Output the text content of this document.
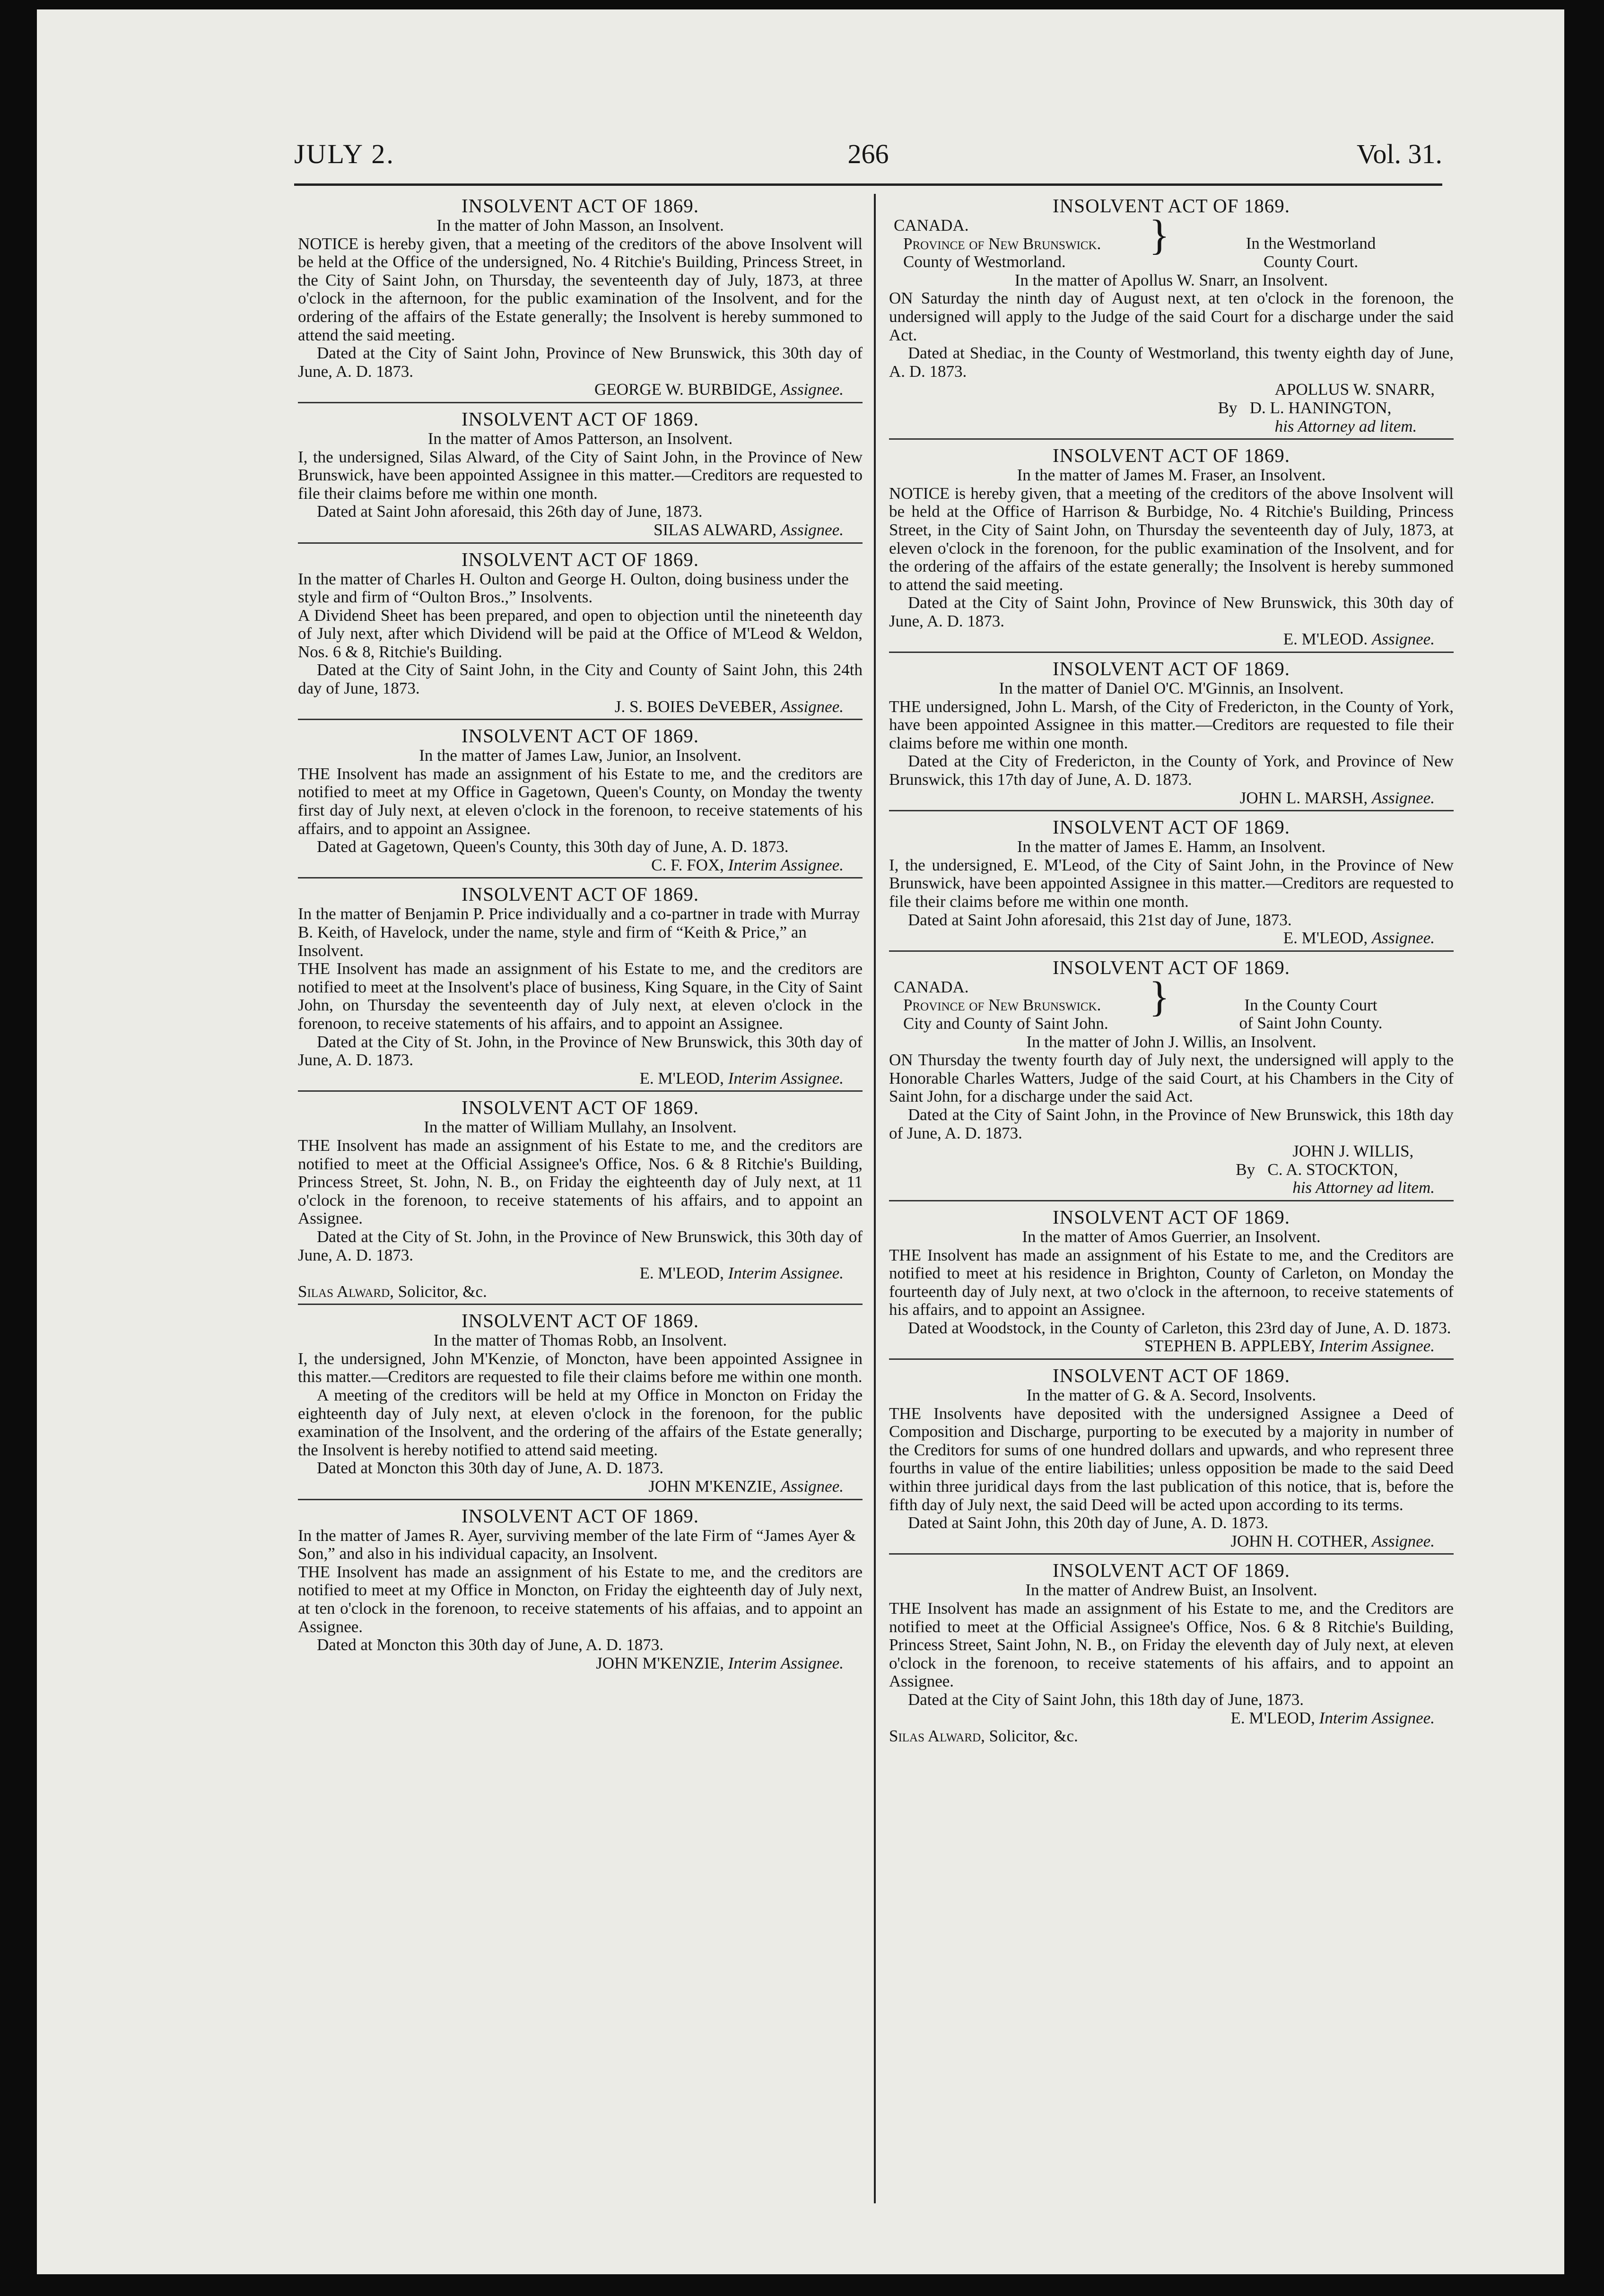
266
JULY 2.	Vol. 31.
INSOLVENT ACT OF 1869.

In the matter of John Masson, an Insolvent.

NOTICE is hereby given, that a meeting of the creditors of the above Insolvent will be held at the Office of the undersigned, No. 4 Ritchie's Building, Princess Street, in the City of Saint John, on Thursday, the seventeenth day of July, 1873, at three o'clock in the afternoon, for the public examination of the Insolvent, and for the ordering of the affairs of the Estate generally; the Insolvent is hereby summoned to attend the said meeting.

Dated at the City of Saint John, Province of New Brunswick, this 30th day of June, A. D. 1873.

GEORGE W. BURBIDGE, Assignee.

INSOLVENT ACT OF 1869.

In the matter of Amos Patterson, an Insolvent.

I, the undersigned, Silas Alward, of the City of Saint John, in the Province of New Brunswick, have been appointed Assignee in this matter.—Creditors are requested to file their claims before me within one month.

Dated at Saint John aforesaid, this 26th day of June, 1873.

SILAS ALWARD, Assignee.

INSOLVENT ACT OF 1869.

In the matter of Charles H. Oulton and George H. Oulton, doing business under the style and firm of “Oulton Bros.,” Insolvents.

A Dividend Sheet has been prepared, and open to objection until the nineteenth day of July next, after which Dividend will be paid at the Office of M'Leod & Weldon, Nos. 6 & 8, Ritchie's Building.

Dated at the City of Saint John, in the City and County of Saint John, this 24th day of June, 1873.

J. S. BOIES DeVEBER, Assignee.

INSOLVENT ACT OF 1869.

In the matter of James Law, Junior, an Insolvent.

THE Insolvent has made an assignment of his Estate to me, and the creditors are notified to meet at my Office in Gagetown, Queen's County, on Monday the twenty first day of July next, at eleven o'clock in the forenoon, to receive statements of his affairs, and to appoint an Assignee.

Dated at Gagetown, Queen's County, this 30th day of June, A. D. 1873.

C. F. FOX, Interim Assignee.

INSOLVENT ACT OF 1869.

In the matter of Benjamin P. Price individually and a co-partner in trade with Murray B. Keith, of Havelock, under the name, style and firm of “Keith & Price,” an Insolvent.

THE Insolvent has made an assignment of his Estate to me, and the creditors are notified to meet at the Insolvent's place of business, King Square, in the City of Saint John, on Thursday the seventeenth day of July next, at eleven o'clock in the forenoon, to receive statements of his affairs, and to appoint an Assignee.

Dated at the City of St. John, in the Province of New Brunswick, this 30th day of June, A. D. 1873.

E. M'LEOD, Interim Assignee.

INSOLVENT ACT OF 1869.

In the matter of William Mullahy, an Insolvent.

THE Insolvent has made an assignment of his Estate to me, and the creditors are notified to meet at the Official Assignee's Office, Nos. 6 & 8 Ritchie's Building, Princess Street, St. John, N. B., on Friday the eighteenth day of July next, at 11 o'clock in the forenoon, to receive statements of his affairs, and to appoint an Assignee.

Dated at the City of St. John, in the Province of New Brunswick, this 30th day of June, A. D. 1873.

E. M'LEOD, Interim Assignee.

Silas Alward, Solicitor, &c.

INSOLVENT ACT OF 1869.

In the matter of Thomas Robb, an Insolvent.

I, the undersigned, John M'Kenzie, of Moncton, have been appointed Assignee in this matter.—Creditors are requested to file their claims before me within one month.

A meeting of the creditors will be held at my Office in Moncton on Friday the eighteenth day of July next, at eleven o'clock in the forenoon, for the public examination of the Insolvent, and the ordering of the affairs of the Estate generally; the Insolvent is hereby notified to attend said meeting.

Dated at Moncton this 30th day of June, A. D. 1873.

JOHN M'KENZIE, Assignee.

INSOLVENT ACT OF 1869.

In the matter of James R. Ayer, surviving member of the late Firm of “James Ayer & Son,” and also in his individual capacity, an Insolvent.

THE Insolvent has made an assignment of his Estate to me, and the creditors are notified to meet at my Office in Moncton, on Friday the eighteenth day of July next, at ten o'clock in the forenoon, to receive statements of his affaias, and to appoint an Assignee.

Dated at Moncton this 30th day of June, A. D. 1873.

JOHN M'KENZIE, Interim Assignee.

INSOLVENT ACT OF 1869.
CANADA.
Province of New Brunswick.
County of Westmorland.
}	In the Westmorland
County Court.

In the matter of Apollus W. Snarr, an Insolvent.

ON Saturday the ninth day of August next, at ten o'clock in the forenoon, the undersigned will apply to the Judge of the said Court for a discharge under the said Act.

Dated at Shediac, in the County of Westmorland, this twenty eighth day of June, A. D. 1873.

APOLLUS W. SNARR,
By D. L. HANINGTON,
his Attorney ad litem.
INSOLVENT ACT OF 1869.

In the matter of James M. Fraser, an Insolvent.

NOTICE is hereby given, that a meeting of the creditors of the above Insolvent will be held at the Office of Harrison & Burbidge, No. 4 Ritchie's Building, Princess Street, in the City of Saint John, on Thursday the seventeenth day of July, 1873, at eleven o'clock in the forenoon, for the public examination of the Insolvent, and for the ordering of the affairs of the estate generally; the Insolvent is hereby summoned to attend the said meeting.

Dated at the City of Saint John, Province of New Brunswick, this 30th day of June, A. D. 1873.

E. M'LEOD. Assignee.

INSOLVENT ACT OF 1869.

In the matter of Daniel O'C. M'Ginnis, an Insolvent.

THE undersigned, John L. Marsh, of the City of Fredericton, in the County of York, have been appointed Assignee in this matter.—Creditors are requested to file their claims before me within one month.

Dated at the City of Fredericton, in the County of York, and Province of New Brunswick, this 17th day of June, A. D. 1873.

JOHN L. MARSH, Assignee.

INSOLVENT ACT OF 1869.

In the matter of James E. Hamm, an Insolvent.

I, the undersigned, E. M'Leod, of the City of Saint John, in the Province of New Brunswick, have been appointed Assignee in this matter.—Creditors are requested to file their claims before me within one month.

Dated at Saint John aforesaid, this 21st day of June, 1873.

E. M'LEOD, Assignee.

INSOLVENT ACT OF 1869.
CANADA.
Province of New Brunswick.
City and County of Saint John.
}	In the County Court
of Saint John County.

In the matter of John J. Willis, an Insolvent.

ON Thursday the twenty fourth day of July next, the undersigned will apply to the Honorable Charles Watters, Judge of the said Court, at his Chambers in the City of Saint John, for a discharge under the said Act.

Dated at the City of Saint John, in the Province of New Brunswick, this 18th day of June, A. D. 1873.

JOHN J. WILLIS,
By C. A. STOCKTON,
his Attorney ad litem.
INSOLVENT ACT OF 1869.

In the matter of Amos Guerrier, an Insolvent.

THE Insolvent has made an assignment of his Estate to me, and the Creditors are notified to meet at his residence in Brighton, County of Carleton, on Monday the fourteenth day of July next, at two o'clock in the afternoon, to receive statements of his affairs, and to appoint an Assignee.

Dated at Woodstock, in the County of Carleton, this 23rd day of June, A. D. 1873.

STEPHEN B. APPLEBY, Interim Assignee.

INSOLVENT ACT OF 1869.

In the matter of G. & A. Secord, Insolvents.

THE Insolvents have deposited with the undersigned Assignee a Deed of Composition and Discharge, purporting to be executed by a majority in number of the Creditors for sums of one hundred dollars and upwards, and who represent three fourths in value of the entire liabilities; unless opposition be made to the said Deed within three juridical days from the last publication of this notice, that is, before the fifth day of July next, the said Deed will be acted upon according to its terms.

Dated at Saint John, this 20th day of June, A. D. 1873.

JOHN H. COTHER, Assignee.

INSOLVENT ACT OF 1869.

In the matter of Andrew Buist, an Insolvent.

THE Insolvent has made an assignment of his Estate to me, and the Creditors are notified to meet at the Official Assignee's Office, Nos. 6 & 8 Ritchie's Building, Princess Street, Saint John, N. B., on Friday the eleventh day of July next, at eleven o'clock in the forenoon, to receive statements of his affairs, and to appoint an Assignee.

Dated at the City of Saint John, this 18th day of June, 1873.

E. M'LEOD, Interim Assignee.

Silas Alward, Solicitor, &c.
